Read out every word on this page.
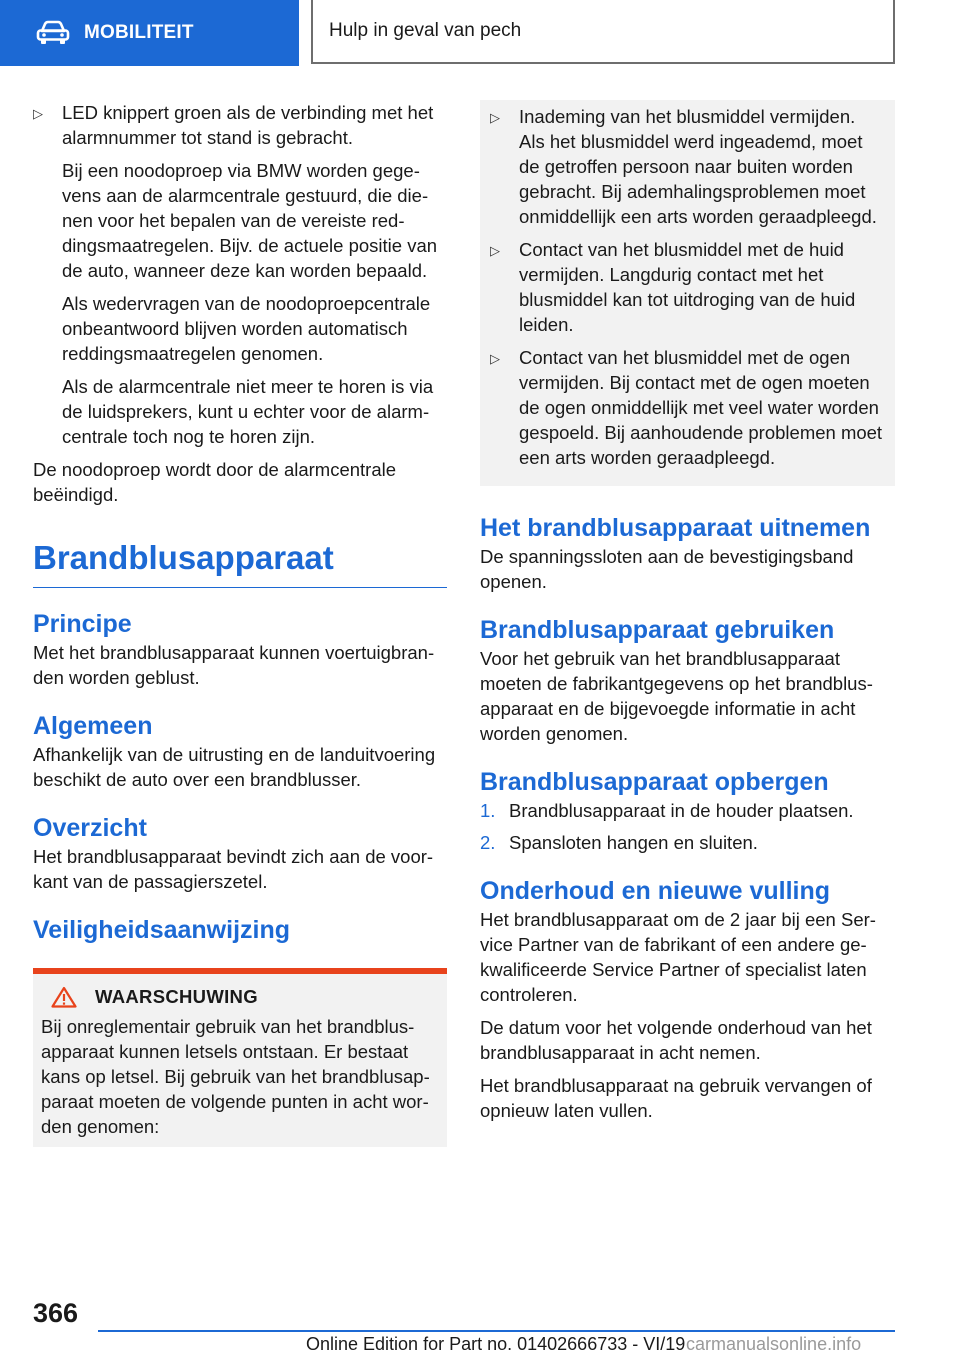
MOBILITEIT	Hulp in geval van pech
▷	LED knippert groen als de verbinding met het alarmnummer tot stand is gebracht.

Bij een noodoproep via BMW worden gegevens aan de alarmcentrale gestuurd, die dienen voor het bepalen van de vereiste reddingsmaatregelen. Bijv. de actuele positie van de auto, wanneer deze kan worden bepaald.

Als wedervragen van de noodoproepcentrale onbeantwoord blijven worden automatisch reddingsmaatregelen genomen.

Als de alarmcentrale niet meer te horen is via de luidsprekers, kunt u echter voor de alarmcentrale toch nog te horen zijn.

De noodoproep wordt door de alarmcentrale beëindigd.

Brandblusapparaat
Principe

Met het brandblusapparaat kunnen voertuigbranden worden geblust.

Algemeen

Afhankelijk van de uitrusting en de landuitvoering beschikt de auto over een brandblusser.

Overzicht

Het brandblusapparaat bevindt zich aan de voorkant van de passagierszetel.

Veiligheidsaanwijzing
WAARSCHUWING

Bij onreglementair gebruik van het brandblusapparaat kunnen letsels ontstaan. Er bestaat kans op letsel. Bij gebruik van het brandblusapparaat moeten de volgende punten in acht worden genomen:

▷	Inademing van het blusmiddel vermijden. Als het blusmiddel werd ingeademd, moet de getroffen persoon naar buiten worden gebracht. Bij ademhalingsproblemen moet onmiddellijk een arts worden geraadpleegd.

▷	Contact van het blusmiddel met de huid vermijden. Langdurig contact met het blusmiddel kan tot uitdroging van de huid leiden.

▷	Contact van het blusmiddel met de ogen vermijden. Bij contact met de ogen moeten de ogen onmiddellijk met veel water worden gespoeld. Bij aanhoudende problemen moet een arts worden geraadpleegd.

Het brandblusapparaat uitnemen

De spanningssloten aan de bevestigingsband openen.

Brandblusapparaat gebruiken

Voor het gebruik van het brandblusapparaat moeten de fabrikantgegevens op het brandblusapparaat en de bijgevoegde informatie in acht worden genomen.

Brandblusapparaat opbergen
1. Brandblusapparaat in de houder plaatsen.

2. Spansloten hangen en sluiten.

Onderhoud en nieuwe vulling

Het brandblusapparaat om de 2 jaar bij een Service Partner van de fabrikant of een andere gekwalificeerde Service Partner of specialist laten controleren.

De datum voor het volgende onderhoud van het brandblusapparaat in acht nemen.

Het brandblusapparaat na gebruik vervangen of opnieuw laten vullen.

366
Online Edition for Part no. 01402666733 - VI/19 carmanualsonline.info
